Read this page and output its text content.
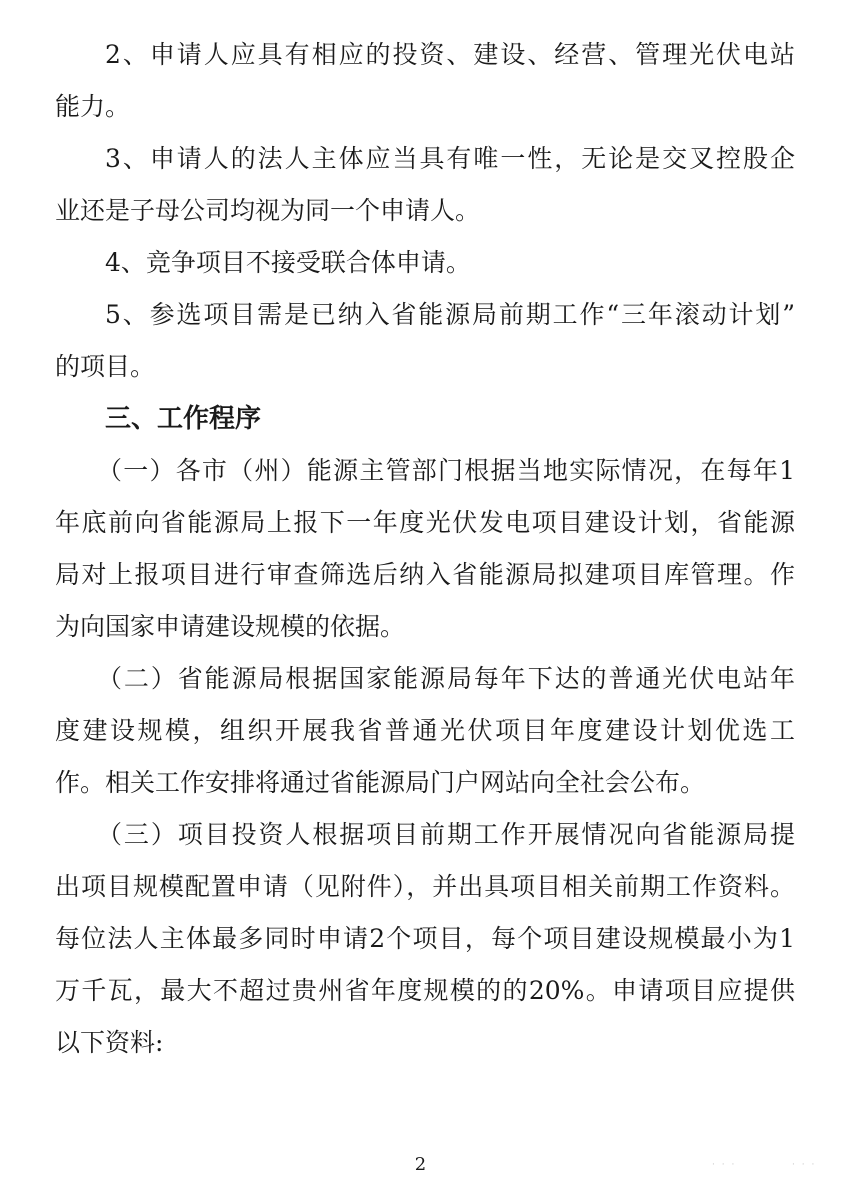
2、申请人应具有相应的投资、建设、经营、管理光伏电站
能力。
3、申请人的法人主体应当具有唯一性，无论是交叉控股企
业还是子母公司均视为同一个申请人。
4、竞争项目不接受联合体申请。
5、参选项目需是已纳入省能源局前期工作“三年滚动计划”
的项目。
三、工作程序
（一）各市（州）能源主管部门根据当地实际情况，在每年1
年底前向省能源局上报下一年度光伏发电项目建设计划，省能源
局对上报项目进行审查筛选后纳入省能源局拟建项目库管理。作
为向国家申请建设规模的依据。
（二）省能源局根据国家能源局每年下达的普通光伏电站年
度建设规模，组织开展我省普通光伏项目年度建设计划优选工
作。相关工作安排将通过省能源局门户网站向全社会公布。
（三）项目投资人根据项目前期工作开展情况向省能源局提
出项目规模配置申请（见附件），并出具项目相关前期工作资料。
每位法人主体最多同时申请2个项目，每个项目建设规模最小为1
万千瓦，最大不超过贵州省年度规模的的20%。申请项目应提供
以下资料:
2	· · ·	· · ·
